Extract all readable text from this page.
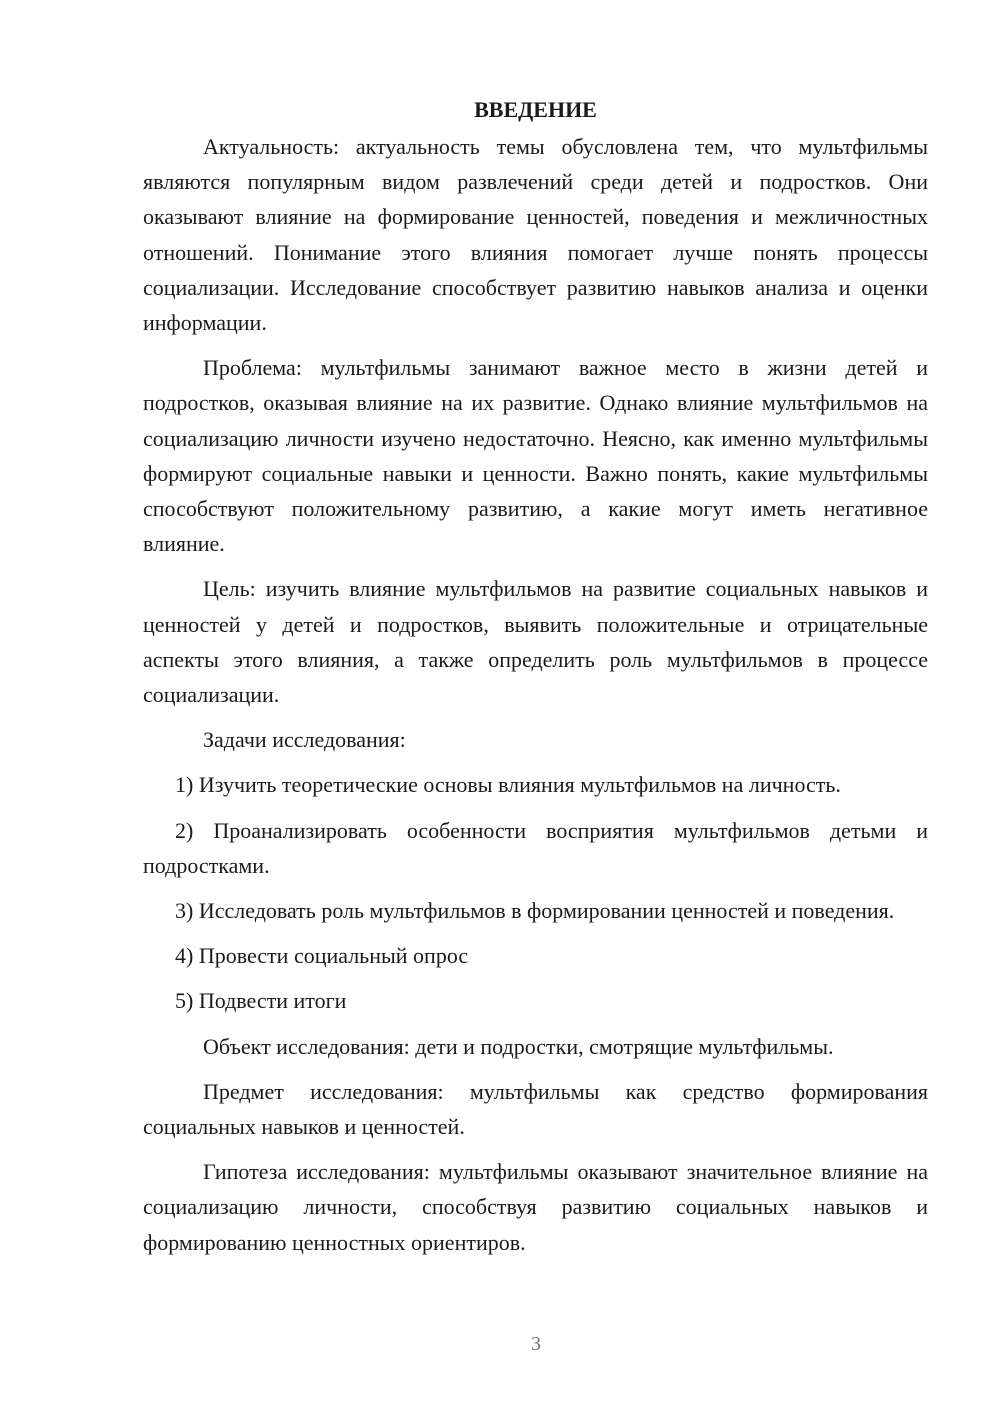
ВВЕДЕНИЕ

Актуальность: актуальность темы обусловлена тем, что мультфильмы являются популярным видом развлечений среди детей и подростков. Они оказывают влияние на формирование ценностей, поведения и межличностных отношений. Понимание этого влияния помогает лучше понять процессы социализации. Исследование способствует развитию навыков анализа и оценки информации.

Проблема: мультфильмы занимают важное место в жизни детей и подростков, оказывая влияние на их развитие. Однако влияние мультфильмов на социализацию личности изучено недостаточно. Неясно, как именно мультфильмы формируют социальные навыки и ценности. Важно понять, какие мультфильмы способствуют положительному развитию, а какие могут иметь негативное влияние.

Цель: изучить влияние мультфильмов на развитие социальных навыков и ценностей у детей и подростков, выявить положительные и отрицательные аспекты этого влияния, а также определить роль мультфильмов в процессе социализации.

Задачи исследования:

1) Изучить теоретические основы влияния мультфильмов на личность.

2) Проанализировать особенности восприятия мультфильмов детьми и подростками.

3) Исследовать роль мультфильмов в формировании ценностей и поведения.

4) Провести социальный опрос

5) Подвести итоги

Объект исследования: дети и подростки, смотрящие мультфильмы.

Предмет исследования: мультфильмы как средство формирования социальных навыков и ценностей.

Гипотеза исследования: мультфильмы оказывают значительное влияние на социализацию личности, способствуя развитию социальных навыков и формированию ценностных ориентиров.

3
